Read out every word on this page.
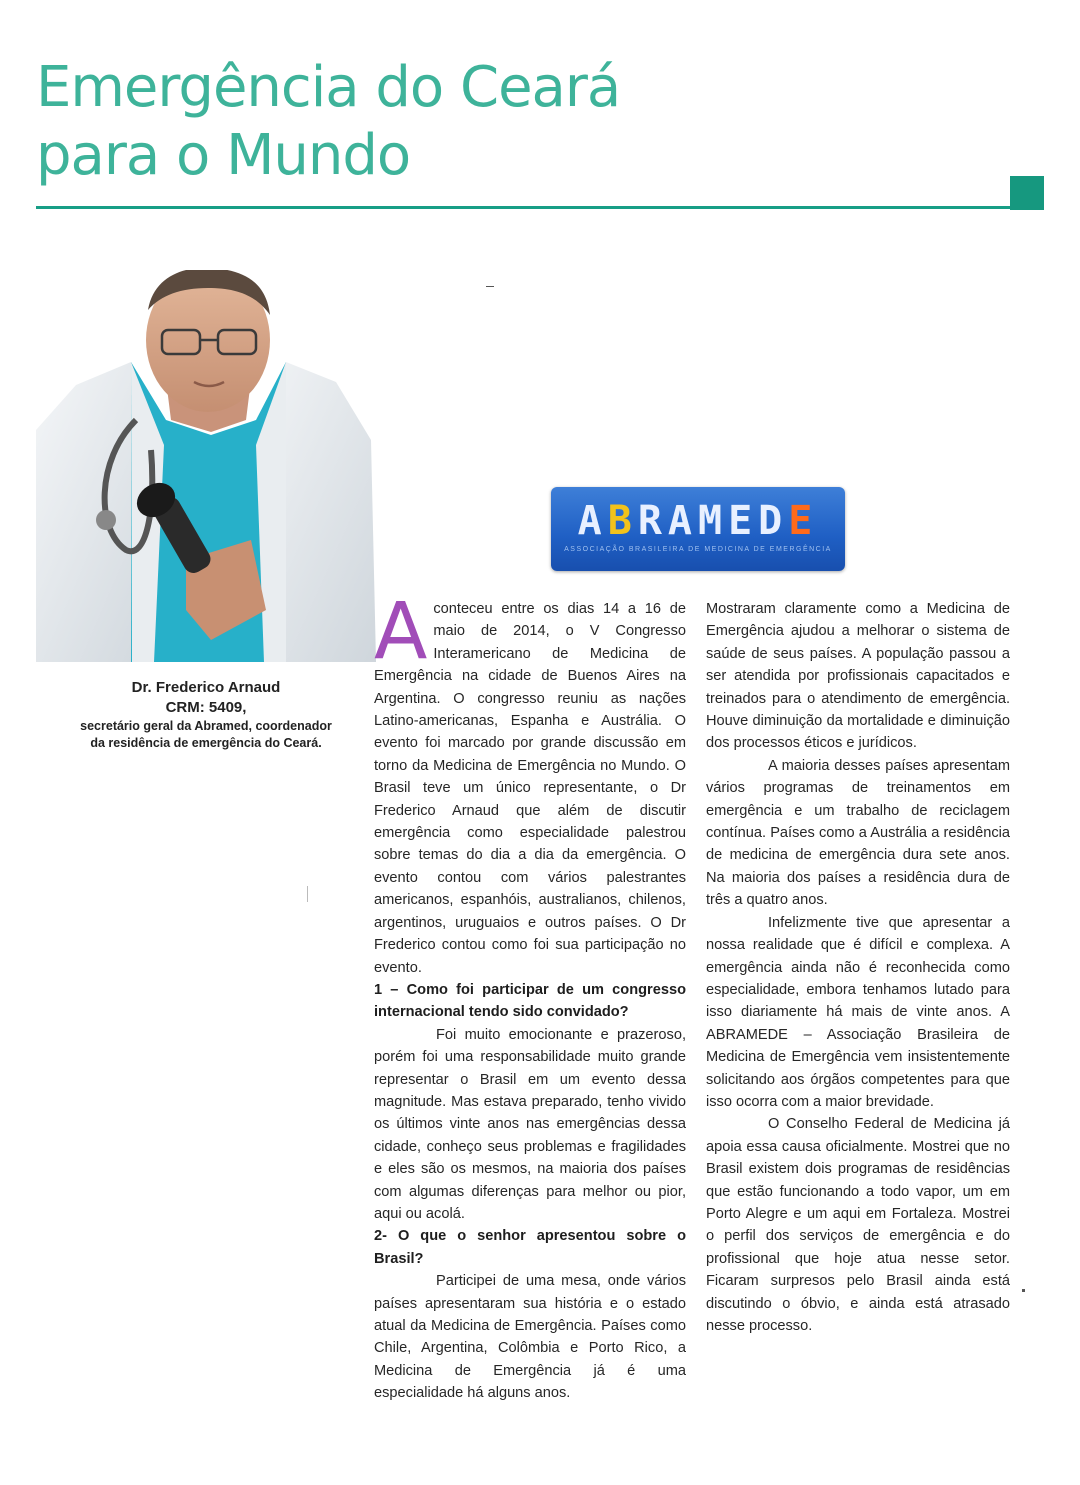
Emergência do Ceará
para o Mundo
Dr. Frederico Arnaud
CRM: 5409,
secretário geral da Abramed, coordenador
da residência de emergência do Ceará.
ABRAMEDE
ASSOCIAÇÃO BRASILEIRA DE MEDICINA DE EMERGÊNCIA

Aconteceu entre os dias 14 a 16 de maio de 2014, o V Congresso Interamericano de Medicina de Emergência na cidade de Buenos Aires na Argentina. O congresso reuniu as nações Latino-americanas, Espanha e Austrália. O evento foi marcado por grande discussão em torno da Medicina de Emergência no Mundo. O Brasil teve um único representante, o Dr Frederico Arnaud que além de discutir emergência como especialidade palestrou sobre temas do dia a dia da emergência. O evento contou com vários palestrantes americanos, espanhóis, australianos, chilenos, argentinos, uruguaios e outros países. O Dr Frederico contou como foi sua participação no evento.

1 – Como foi participar de um congresso internacional tendo sido convidado?

Foi muito emocionante e prazeroso, porém foi uma responsabilidade muito grande representar o Brasil em um evento dessa magnitude. Mas estava preparado, tenho vivido os últimos vinte anos nas emergências dessa cidade, conheço seus problemas e fragilidades e eles são os mesmos, na maioria dos países com algumas diferenças para melhor ou pior, aqui ou acolá.

2- O que o senhor apresentou sobre o Brasil?

Participei de uma mesa, onde vários países apresentaram sua história e o estado atual da Medicina de Emergência. Países como Chile, Argentina, Colômbia e Porto Rico, a Medicina de Emergência já é uma especialidade há alguns anos.

Mostraram claramente como a Medicina de Emergência ajudou a melhorar o sistema de saúde de seus países. A população passou a ser atendida por profissionais capacitados e treinados para o atendimento de emergência. Houve diminuição da mortalidade e diminuição dos processos éticos e jurídicos.

A maioria desses países apresentam vários programas de treinamentos em emergência e um trabalho de reciclagem contínua. Países como a Austrália a residência de medicina de emergência dura sete anos. Na maioria dos países a residência dura de três a quatro anos.

Infelizmente tive que apresentar a nossa realidade que é difícil e complexa. A emergência ainda não é reconhecida como especialidade, embora tenhamos lutado para isso diariamente há mais de vinte anos. A ABRAMEDE – Associação Brasileira de Medicina de Emergência vem insistentemente solicitando aos órgãos competentes para que isso ocorra com a maior brevidade.

O Conselho Federal de Medicina já apoia essa causa oficialmente. Mostrei que no Brasil existem dois programas de residências que estão funcionando a todo vapor, um em Porto Alegre e um aqui em Fortaleza. Mostrei o perfil dos serviços de emergência e do profissional que hoje atua nesse setor. Ficaram surpresos pelo Brasil ainda está discutindo o óbvio, e ainda está atrasado nesse processo.
